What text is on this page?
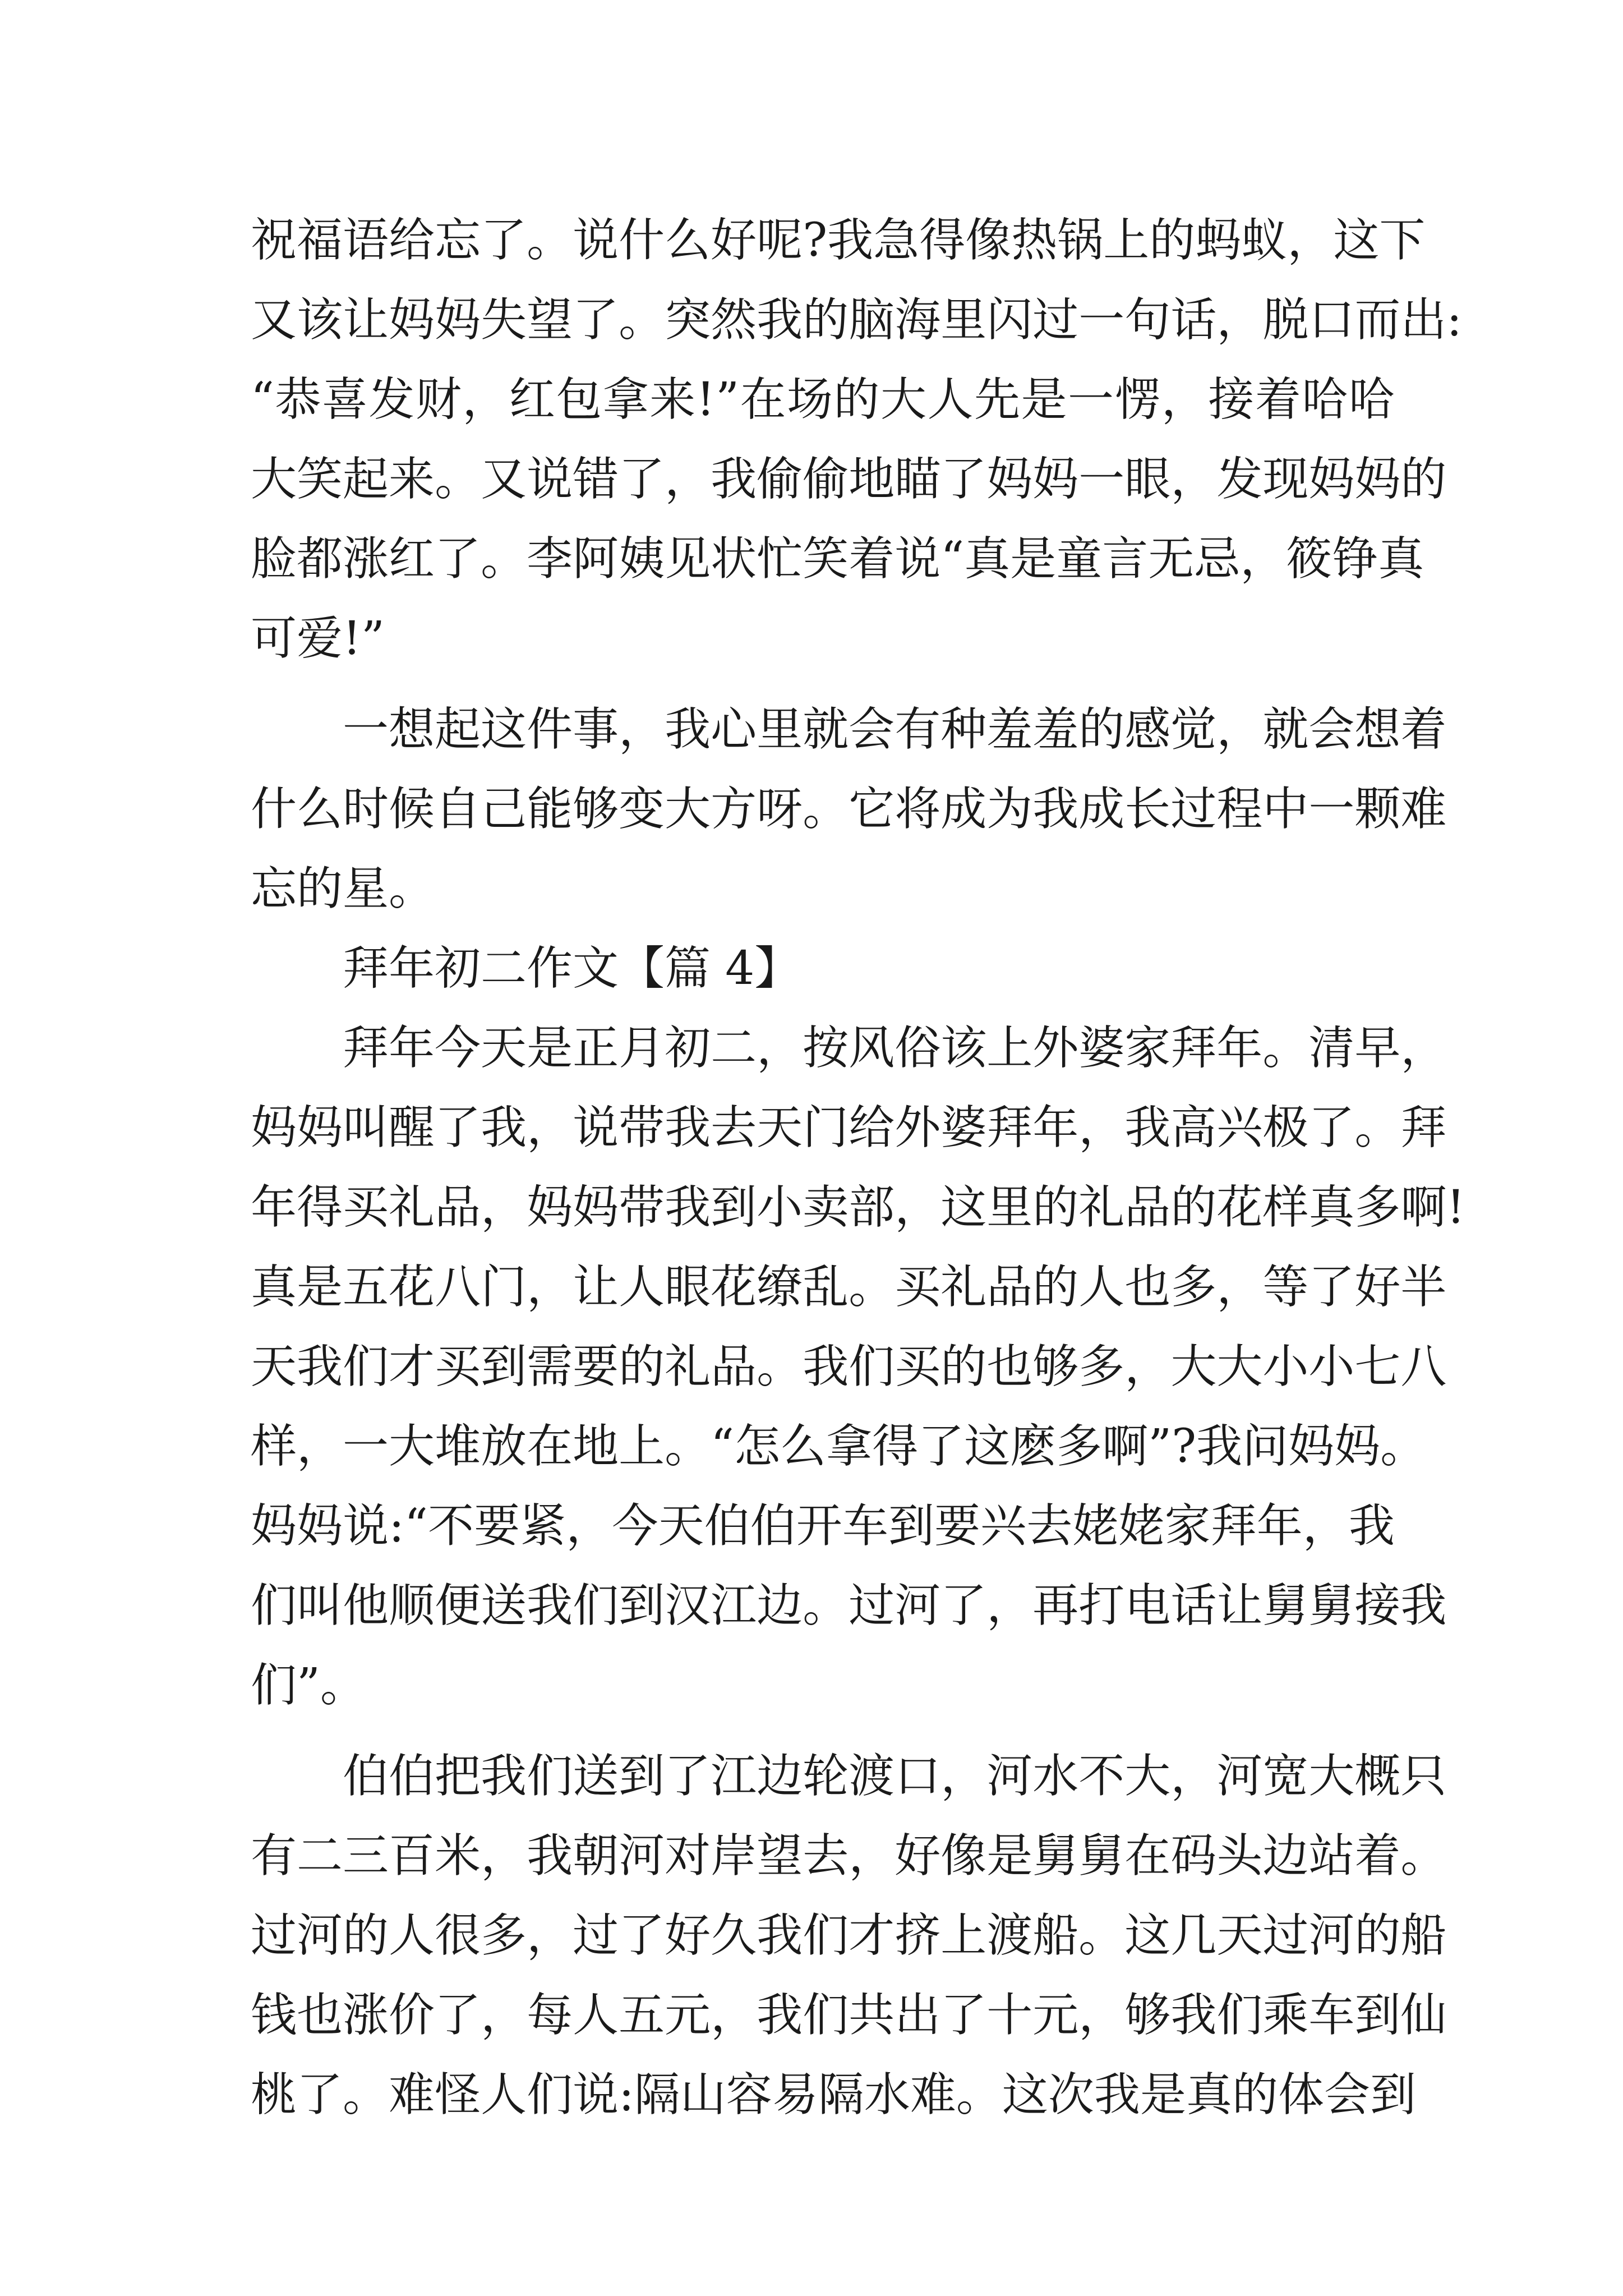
祝 福 语 给 忘 了 。 说 什 么 好 呢 ? 我 急 得 像 热 锅 上 的 蚂 蚁 ， 这 下
又 该 让 妈 妈 失 望 了 。 突 然 我 的 脑 海 里 闪 过 一 句 话 ， 脱 口 而 出 :
“ 恭 喜 发 财 ， 红 包 拿 来 ! ” 在 场 的 大 人 先 是 一 愣 ， 接 着 哈 哈
大 笑 起 来 。 又 说 错 了 ， 我 偷 偷 地 瞄 了 妈 妈 一 眼 ， 发 现 妈 妈 的
脸 都 涨 红 了 。 李 阿 姨 见 状 忙 笑 着 说 “ 真 是 童 言 无 忌 ， 筱 铮 真
可爱!”
一 想 起 这 件 事 ， 我 心 里 就 会 有 种 羞 羞 的 感 觉 ， 就 会 想 着
什 么 时 候 自 己 能 够 变 大 方 呀 。 它 将 成 为 我 成 长 过 程 中 一 颗 难
忘的星。
拜年初二作文【篇 4】
拜 年 今 天 是 正 月 初 二 ， 按 风 俗 该 上 外 婆 家 拜 年 。 清 早 ，
妈 妈 叫 醒 了 我 ， 说 带 我 去 天 门 给 外 婆 拜 年 ， 我 高 兴 极 了 。 拜
年 得 买 礼 品 ， 妈 妈 带 我 到 小 卖 部 ， 这 里 的 礼 品 的 花 样 真 多 啊 !
真 是 五 花 八 门 ， 让 人 眼 花 缭 乱 。 买 礼 品 的 人 也 多 ， 等 了 好 半
天 我 们 才 买 到 需 要 的 礼 品 。 我 们 买 的 也 够 多 ， 大 大 小 小 七 八
样 ， 一 大 堆 放 在 地 上 。 “ 怎 么 拿 得 了 这 麽 多 啊 ” ? 我 问 妈 妈 。
妈 妈 说 : “ 不 要 紧 ， 今 天 伯 伯 开 车 到 要 兴 去 姥 姥 家 拜 年 ， 我
们 叫 他 顺 便 送 我 们 到 汉 江 边 。 过 河 了 ， 再 打 电 话 让 舅 舅 接 我
们”。
伯 伯 把 我 们 送 到 了 江 边 轮 渡 口 ， 河 水 不 大 ， 河 宽 大 概 只
有 二 三 百 米 ， 我 朝 河 对 岸 望 去 ， 好 像 是 舅 舅 在 码 头 边 站 着 。
过 河 的 人 很 多 ， 过 了 好 久 我 们 才 挤 上 渡 船 。 这 几 天 过 河 的 船
钱 也 涨 价 了 ， 每 人 五 元 ， 我 们 共 出 了 十 元 ， 够 我 们 乘 车 到 仙
桃 了 。 难 怪 人 们 说 : 隔 山 容 易 隔 水 难 。 这 次 我 是 真 的 体 会 到
